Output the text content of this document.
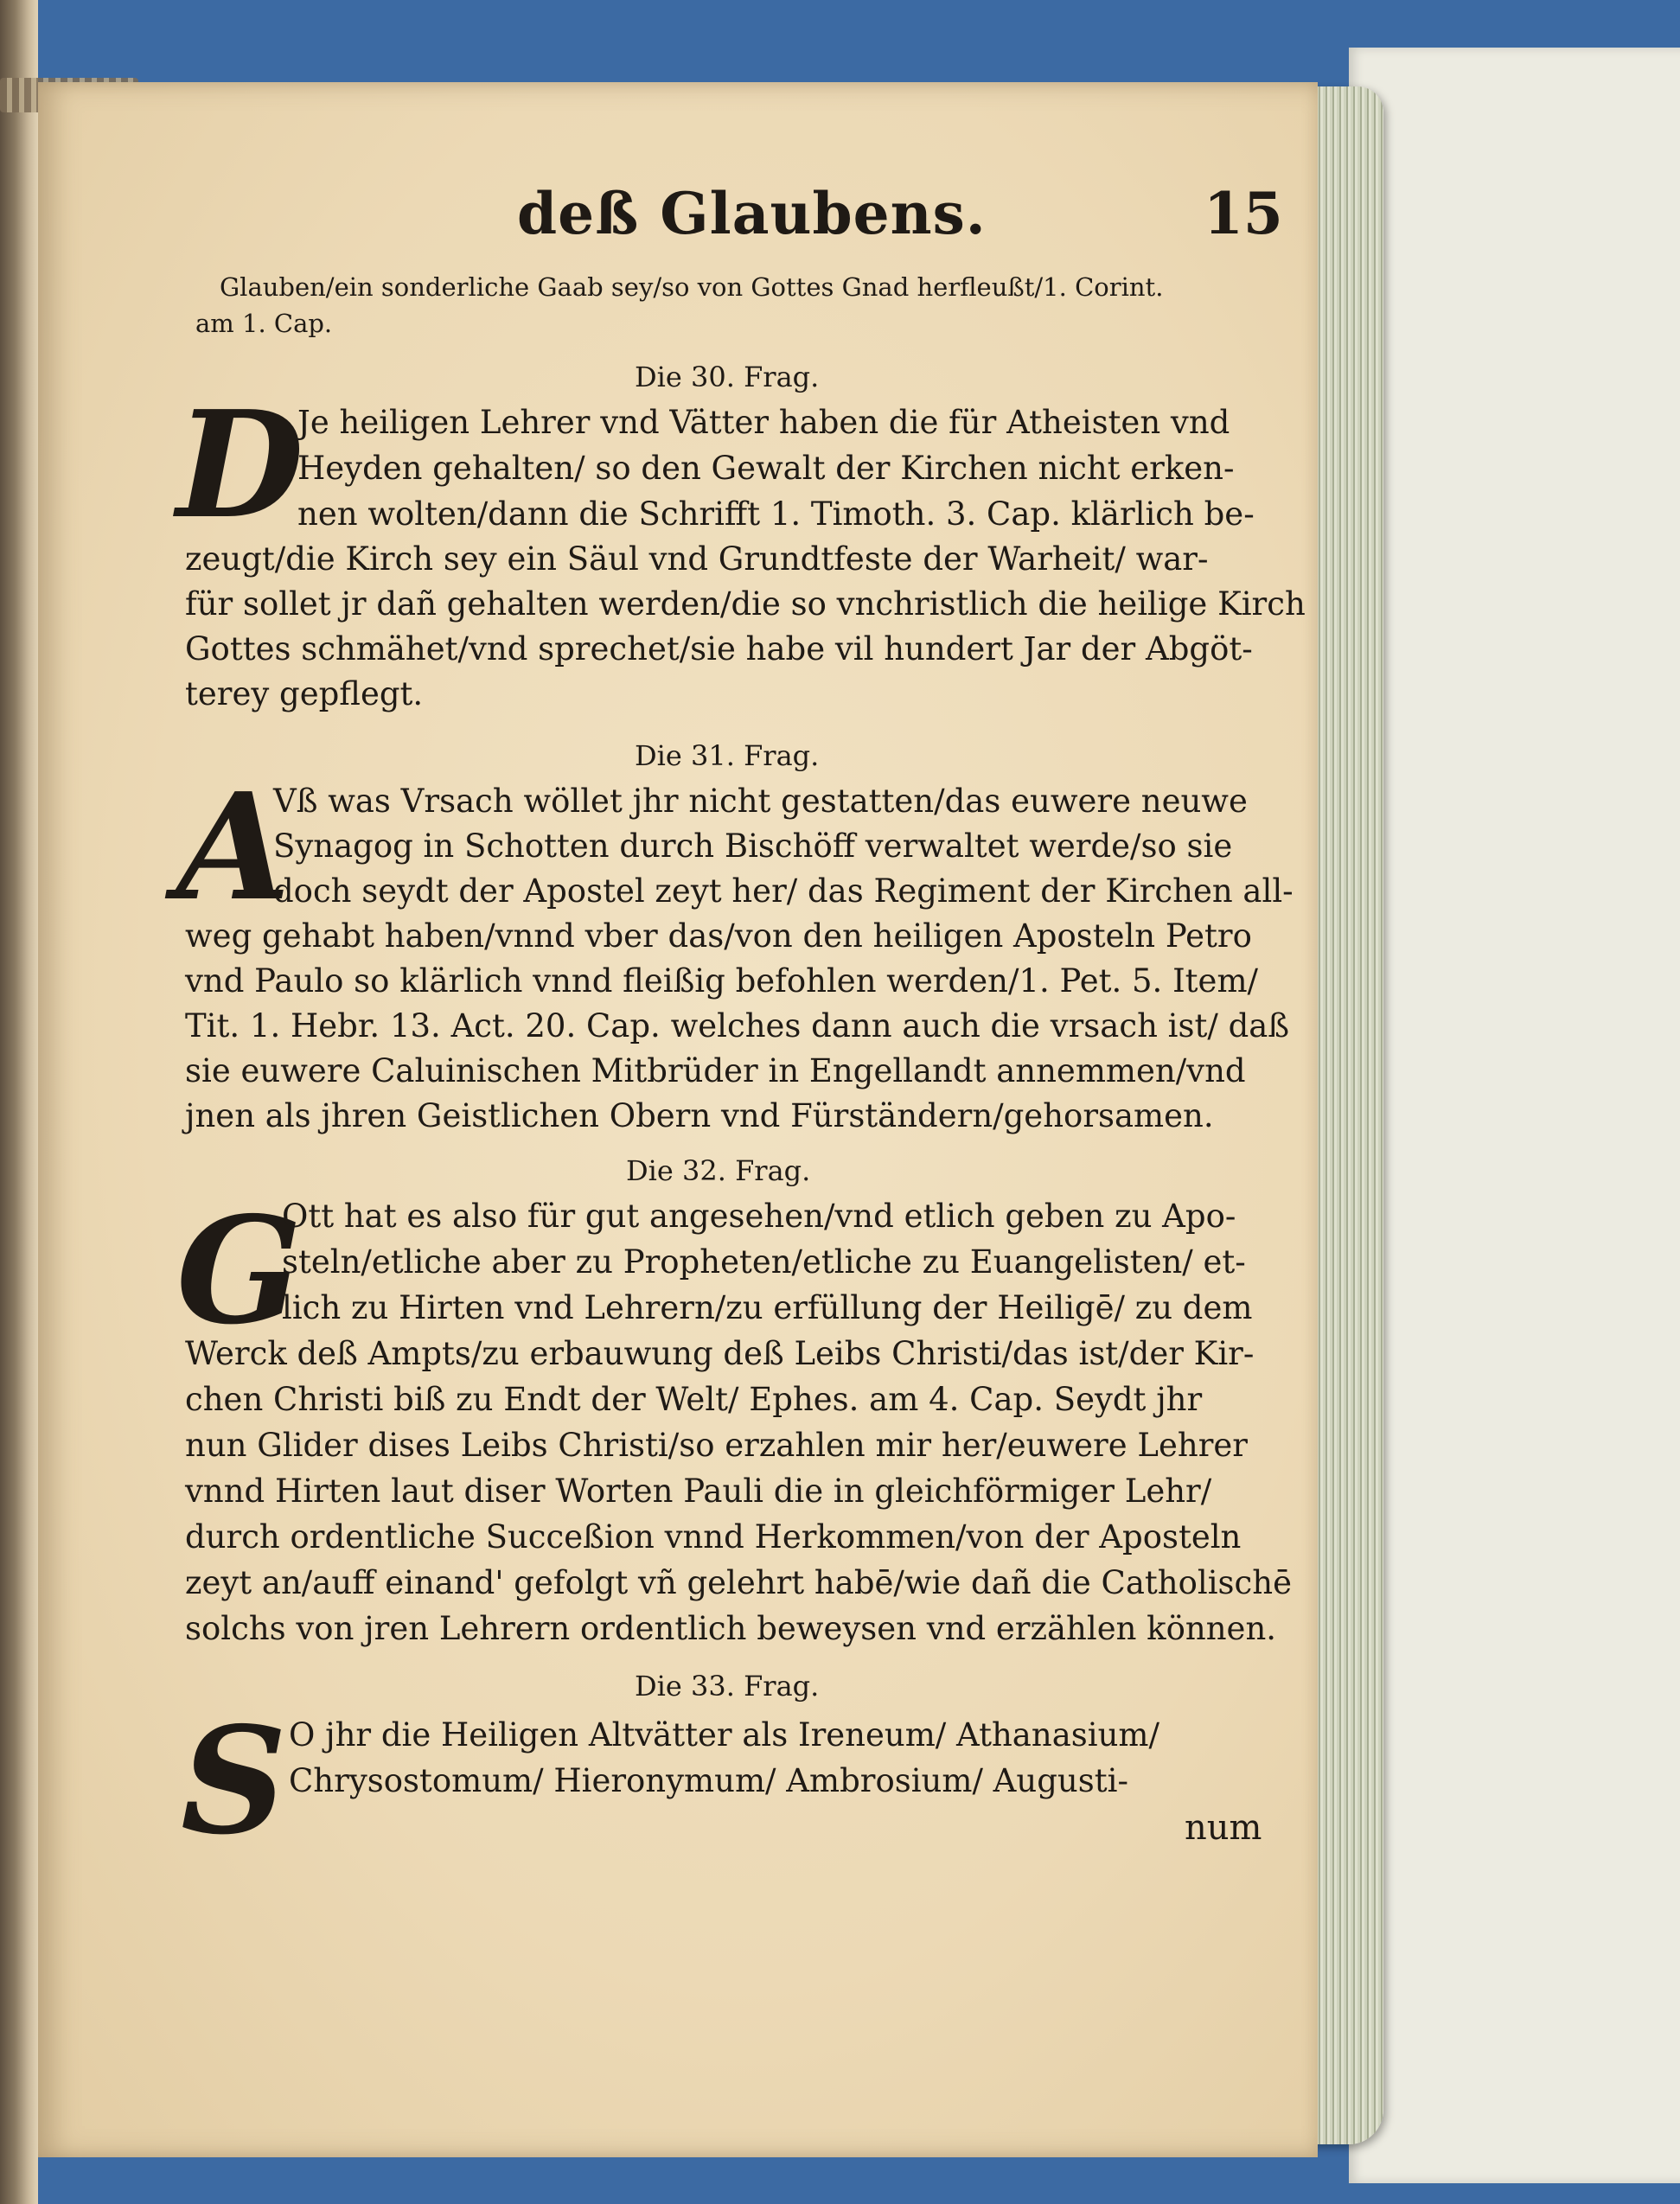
deß Glaubens.	15
Glauben/ein sonderliche Gaab sey/so von Gottes Gnad herfleußt/1. Corint.
am 1. Cap.
Die 30. Frag.
D
Je heiligen Lehrer vnd Vätter haben die für Atheisten vnd
Heyden gehalten/ so den Gewalt der Kirchen nicht erken-
nen wolten/dann die Schrifft 1. Timoth. 3. Cap. klärlich be-
zeugt/die Kirch sey ein Säul vnd Grundtfeste der Warheit/ war-
für sollet jr dañ gehalten werden/die so vnchristlich die heilige Kirch
Gottes schmähet/vnd sprechet/sie habe vil hundert Jar der Abgöt-
terey gepflegt.
Die 31. Frag.
A
Vß was Vrsach wöllet jhr nicht gestatten/das euwere neuwe
Synagog in Schotten durch Bischöff verwaltet werde/so sie
doch seydt der Apostel zeyt her/ das Regiment der Kirchen all-
weg gehabt haben/vnnd vber das/von den heiligen Aposteln Petro
vnd Paulo so klärlich vnnd fleißig befohlen werden/1. Pet. 5. Item/
Tit. 1. Hebr. 13. Act. 20. Cap. welches dann auch die vrsach ist/ daß
sie euwere Caluinischen Mitbrüder in Engellandt annemmen/vnd
jnen als jhren Geistlichen Obern vnd Fürständern/gehorsamen.
Die 32. Frag.
G
Ott hat es also für gut angesehen/vnd etlich geben zu Apo-
steln/etliche aber zu Propheten/etliche zu Euangelisten/ et-
lich zu Hirten vnd Lehrern/zu erfüllung der Heiligē/ zu dem
Werck deß Ampts/zu erbauwung deß Leibs Christi/das ist/der Kir-
chen Christi biß zu Endt der Welt/ Ephes. am 4. Cap. Seydt jhr
nun Glider dises Leibs Christi/so erzahlen mir her/euwere Lehrer
vnnd Hirten laut diser Worten Pauli die in gleichförmiger Lehr/
durch ordentliche Succeßion vnnd Herkommen/von der Aposteln
zeyt an/auff einand' gefolgt vñ gelehrt habē/wie dañ die Catholischē
solchs von jren Lehrern ordentlich beweysen vnd erzählen können.
Die 33. Frag.
S O jhr die Heiligen Altvätter als Ireneum/ Athanasium/
Chrysostomum/ Hieronymum/ Ambrosium/ Augusti-
num
